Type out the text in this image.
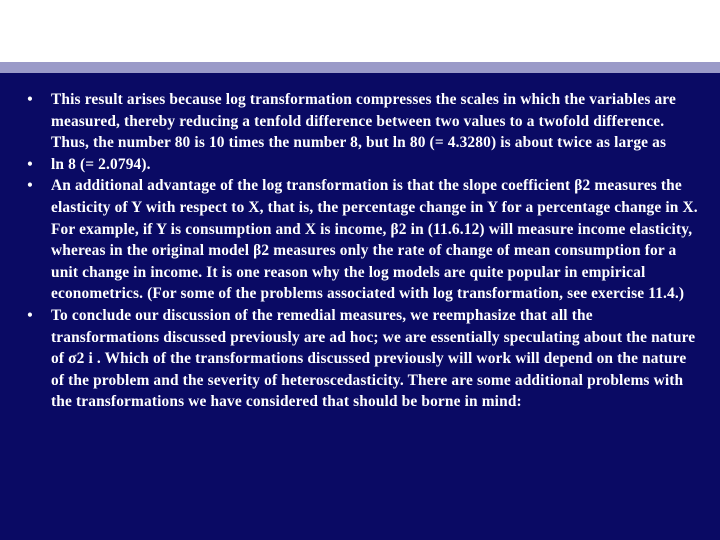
• This result arises because log transformation compresses the scales in which the variables are measured, thereby reducing a tenfold difference between two values to a twofold difference. Thus, the number 80 is 10 times the number 8, but ln 80 (= 4.3280) is about twice as large as
• ln 8 (= 2.0794).
• An additional advantage of the log transformation is that the slope coefficient β2 measures the elasticity of Y with respect to X, that is, the percentage change in Y for a percentage change in X. For example, if Y is consumption and X is income, β2 in (11.6.12) will measure income elasticity, whereas in the original model β2 measures only the rate of change of mean consumption for a unit change in income. It is one reason why the log models are quite popular in empirical econometrics. (For some of the problems associated with log transformation, see exercise 11.4.)
• To conclude our discussion of the remedial measures, we reemphasize that all the transformations discussed previously are ad hoc; we are essentially speculating about the nature of σ2 i . Which of the transformations discussed previously will work will depend on the nature of the problem and the severity of heteroscedasticity. There are some additional problems with the transformations we have considered that should be borne in mind:
